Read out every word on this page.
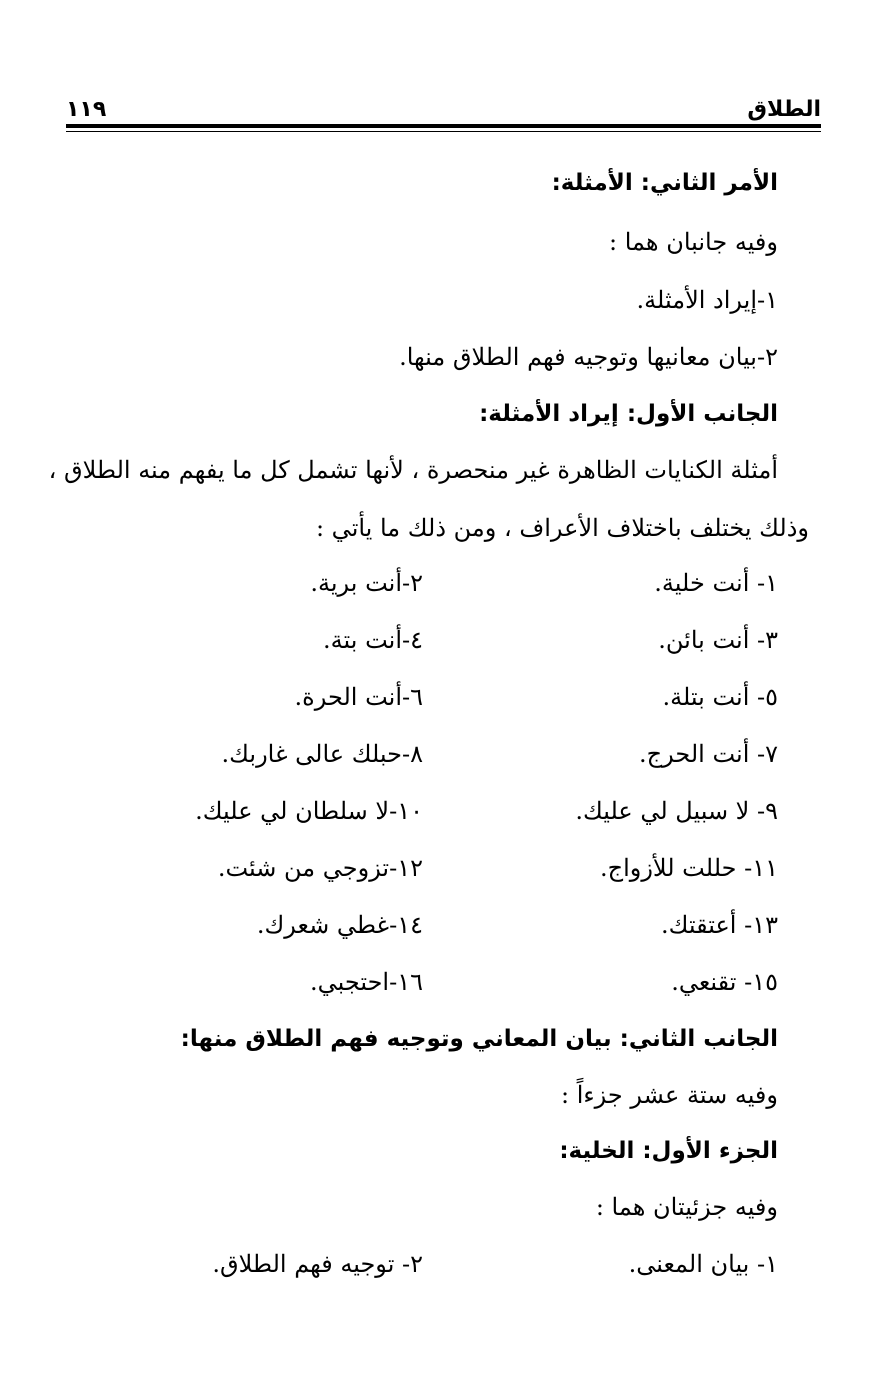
الطلاق
١١٩
الأمر الثاني: الأمثلة:
وفيه جانبان هما :
١-إيراد الأمثلة.
٢-بيان معانيها وتوجيه فهم الطلاق منها.
الجانب الأول: إيراد الأمثلة:
أمثلة الكنايات الظاهرة غير منحصرة ، لأنها تشمل كل ما يفهم منه الطلاق ،
وذلك يختلف باختلاف الأعراف ، ومن ذلك ما يأتي :
١- أنت خلية.
٢-أنت برية.
٣- أنت بائن.
٤-أنت بتة.
٥- أنت بتلة.
٦-أنت الحرة.
٧- أنت الحرج.
٨-حبلك عالى غاربك.
٩- لا سبيل لي عليك.
١٠-لا سلطان لي عليك.
١١- حللت للأزواج.
١٢-تزوجي من شئت.
١٣- أعتقتك.
١٤-غطي شعرك.
١٥- تقنعي.
١٦-احتجبي.
الجانب الثاني: بيان المعاني وتوجيه فهم الطلاق منها:
وفيه ستة عشر جزءاً :
الجزء الأول: الخلية:
وفيه جزئيتان هما :
١- بيان المعنى.
٢- توجيه فهم الطلاق.
